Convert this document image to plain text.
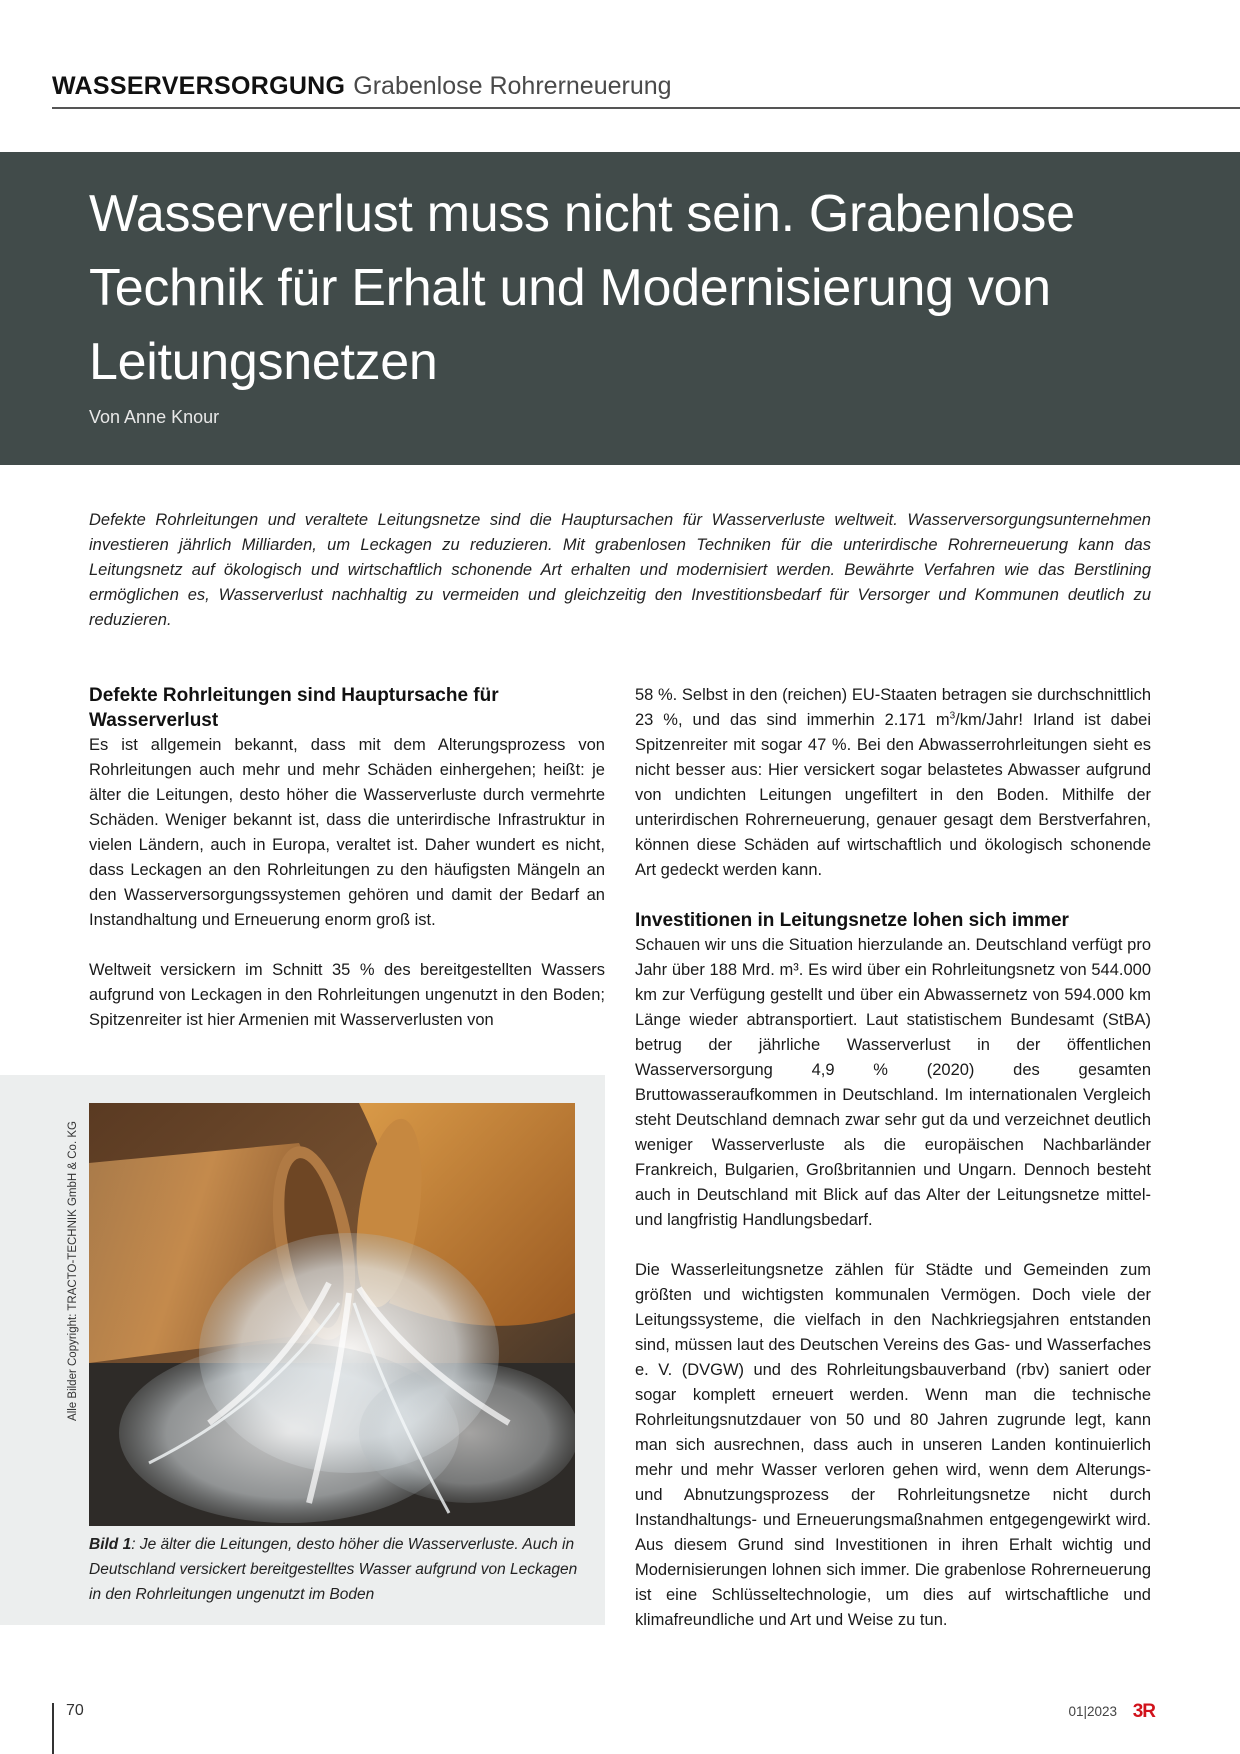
WASSERVERSORGUNG Grabenlose Rohrerneuerung
Wasserverlust muss nicht sein. Grabenlose Technik für Erhalt und Modernisierung von Leitungsnetzen
Von Anne Knour

Defekte Rohrleitungen und veraltete Leitungsnetze sind die Hauptursachen für Wasserverluste weltweit. Wasserversorgungsunternehmen investieren jährlich Milliarden, um Leckagen zu reduzieren. Mit grabenlosen Techniken für die unterirdische Rohrerneuerung kann das Leitungsnetz auf ökologisch und wirtschaftlich schonende Art erhalten und modernisiert werden. Bewährte Verfahren wie das Berstlining ermöglichen es, Wasserverlust nachhaltig zu vermeiden und gleichzeitig den Investitionsbedarf für Versorger und Kommunen deutlich zu reduzieren.

Defekte Rohrleitungen sind Hauptursache für Wasserverlust

Es ist allgemein bekannt, dass mit dem Alterungsprozess von Rohrleitungen auch mehr und mehr Schäden einhergehen; heißt: je älter die Leitungen, desto höher die Wasserverluste durch vermehrte Schäden. Weniger bekannt ist, dass die unterirdische Infrastruktur in vielen Ländern, auch in Europa, veraltet ist. Daher wundert es nicht, dass Leckagen an den Rohrleitungen zu den häufigsten Mängeln an den Wasserversorgungssystemen gehören und damit der Bedarf an Instandhaltung und Erneuerung enorm groß ist.

Weltweit versickern im Schnitt 35 % des bereitgestellten Wassers aufgrund von Leckagen in den Rohrleitungen ungenutzt in den Boden; Spitzenreiter ist hier Armenien mit Wasserverlusten von

58 %. Selbst in den (reichen) EU-Staaten betragen sie durchschnittlich 23 %, und das sind immerhin 2.171 $m^3/km$/Jahr! Irland ist dabei Spitzenreiter mit sogar 47 %. Bei den Abwasserrohrleitungen sieht es nicht besser aus: Hier versickert sogar belastetes Abwasser aufgrund von undichten Leitungen ungefiltert in den Boden. Mithilfe der unterirdischen Rohrerneuerung, genauer gesagt dem Berstverfahren, können diese Schäden auf wirtschaftlich und ökologisch schonende Art gedeckt werden kann.

Investitionen in Leitungsnetze lohen sich immer

Schauen wir uns die Situation hierzulande an. Deutschland verfügt pro Jahr über 188 Mrd. m³. Es wird über ein Rohrleitungsnetz von 544.000 km zur Verfügung gestellt und über ein Abwassernetz von 594.000 km Länge wieder abtransportiert. Laut statistischem Bundesamt (StBA) betrug der jährliche Wasserverlust in der öffentlichen Wasserversorgung 4,9 % (2020) des gesamten Bruttowasseraufkommen in Deutschland. Im internationalen Vergleich steht Deutschland demnach zwar sehr gut da und verzeichnet deutlich weniger Wasserverluste als die europäischen Nachbarländer Frankreich, Bulgarien, Großbritannien und Ungarn. Dennoch besteht auch in Deutschland mit Blick auf das Alter der Leitungsnetze mittel- und langfristig Handlungsbedarf.

Die Wasserleitungsnetze zählen für Städte und Gemeinden zum größten und wichtigsten kommunalen Vermögen. Doch viele der Leitungssysteme, die vielfach in den Nachkriegsjahren entstanden sind, müssen laut des Deutschen Vereins des Gas- und Wasserfaches e. V. (DVGW) und des Rohrleitungsbauverband (rbv) saniert oder sogar komplett erneuert werden. Wenn man die technische Rohrleitungsnutzdauer von 50 und 80 Jahren zugrunde legt, kann man sich ausrechnen, dass auch in unseren Landen kontinuierlich mehr und mehr Wasser verloren gehen wird, wenn dem Alterungs- und Abnutzungsprozess der Rohrleitungsnetze nicht durch Instandhaltungs- und Erneuerungsmaßnahmen entgegengewirkt wird. Aus diesem Grund sind Investitionen in ihren Erhalt wichtig und Modernisierungen lohnen sich immer. Die grabenlose Rohrerneuerung ist eine Schlüsseltechnologie, um dies auf wirtschaftliche und klimafreundliche und Art und Weise zu tun.

Alle Bilder Copyright: TRACTO-TECHNIK GmbH & Co. KG

Bild 1: Je älter die Leitungen, desto höher die Wasserverluste. Auch in Deutschland versickert bereitgestelltes Wasser aufgrund von Leckagen in den Rohrleitungen ungenutzt im Boden

70	01|2023 3R
